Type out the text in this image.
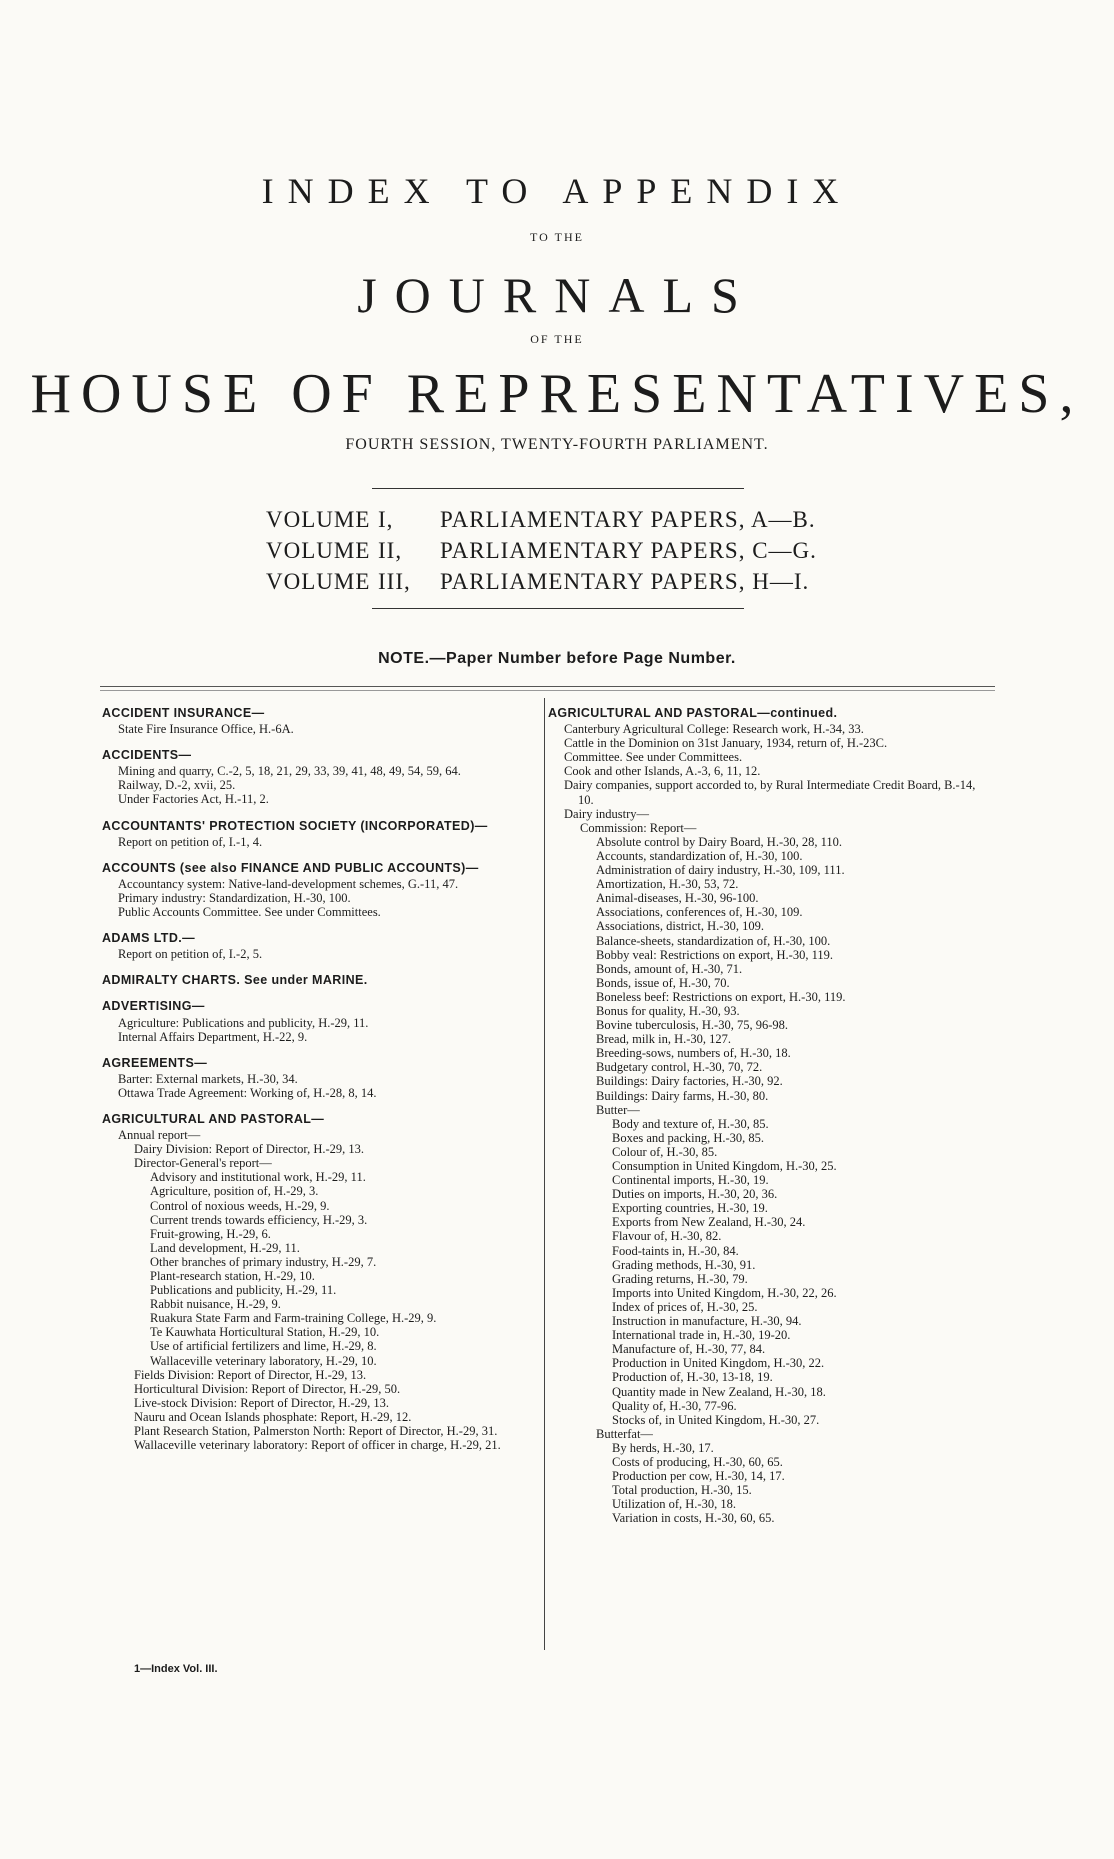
INDEX TO APPENDIX
TO THE
JOURNALS
OF THE
HOUSE OF REPRESENTATIVES,
FOURTH SESSION, TWENTY-FOURTH PARLIAMENT.
VOLUME I, PARLIAMENTARY PAPERS, A—B.
VOLUME II, PARLIAMENTARY PAPERS, C—G.
VOLUME III, PARLIAMENTARY PAPERS, H—I.
NOTE.—Paper Number before Page Number.
ACCIDENT INSURANCE—
State Fire Insurance Office, H.-6A.
ACCIDENTS—
Mining and quarry, C.-2, 5, 18, 21, 29, 33, 39, 41, 48, 49, 54, 59, 64.
Railway, D.-2, xvii, 25.
Under Factories Act, H.-11, 2.
ACCOUNTANTS' PROTECTION SOCIETY (INCORPORATED)—
Report on petition of, I.-1, 4.
ACCOUNTS (see also FINANCE AND PUBLIC ACCOUNTS)—
Accountancy system: Native-land-development schemes, G.-11, 47.
Primary industry: Standardization, H.-30, 100.
Public Accounts Committee. See under Committees.
ADAMS LTD.—
Report on petition of, I.-2, 5.
ADMIRALTY CHARTS. See under MARINE.
ADVERTISING—
Agriculture: Publications and publicity, H.-29, 11.
Internal Affairs Department, H.-22, 9.
AGREEMENTS—
Barter: External markets, H.-30, 34.
Ottawa Trade Agreement: Working of, H.-28, 8, 14.
AGRICULTURAL AND PASTORAL—
Annual report—
Dairy Division: Report of Director, H.-29, 13.
Director-General's report—
Advisory and institutional work, H.-29, 11.
Agriculture, position of, H.-29, 3.
Control of noxious weeds, H.-29, 9.
Current trends towards efficiency, H.-29, 3.
Fruit-growing, H.-29, 6.
Land development, H.-29, 11.
Other branches of primary industry, H.-29, 7.
Plant-research station, H.-29, 10.
Publications and publicity, H.-29, 11.
Rabbit nuisance, H.-29, 9.
Ruakura State Farm and Farm-training College, H.-29, 9.
Te Kauwhata Horticultural Station, H.-29, 10.
Use of artificial fertilizers and lime, H.-29, 8.
Wallaceville veterinary laboratory, H.-29, 10.
Fields Division: Report of Director, H.-29, 13.
Horticultural Division: Report of Director, H.-29, 50.
Live-stock Division: Report of Director, H.-29, 13.
Nauru and Ocean Islands phosphate: Report, H.-29, 12.
Plant Research Station, Palmerston North: Report of Director, H.-29, 31.
Wallaceville veterinary laboratory: Report of officer in charge, H.-29, 21.
AGRICULTURAL AND PASTORAL—continued.
Canterbury Agricultural College: Research work, H.-34, 33.
Cattle in the Dominion on 31st January, 1934, return of, H.-23C.
Committee. See under Committees.
Cook and other Islands, A.-3, 6, 11, 12.
Dairy companies, support accorded to, by Rural Intermediate Credit Board, B.-14, 10.
Dairy industry—
Commission: Report—
Absolute control by Dairy Board, H.-30, 28, 110.
Accounts, standardization of, H.-30, 100.
Administration of dairy industry, H.-30, 109, 111.
Amortization, H.-30, 53, 72.
Animal-diseases, H.-30, 96-100.
Associations, conferences of, H.-30, 109.
Associations, district, H.-30, 109.
Balance-sheets, standardization of, H.-30, 100.
Bobby veal: Restrictions on export, H.-30, 119.
Bonds, amount of, H.-30, 71.
Bonds, issue of, H.-30, 70.
Boneless beef: Restrictions on export, H.-30, 119.
Bonus for quality, H.-30, 93.
Bovine tuberculosis, H.-30, 75, 96-98.
Bread, milk in, H.-30, 127.
Breeding-sows, numbers of, H.-30, 18.
Budgetary control, H.-30, 70, 72.
Buildings: Dairy factories, H.-30, 92.
Buildings: Dairy farms, H.-30, 80.
Butter—
Body and texture of, H.-30, 85.
Boxes and packing, H.-30, 85.
Colour of, H.-30, 85.
Consumption in United Kingdom, H.-30, 25.
Continental imports, H.-30, 19.
Duties on imports, H.-30, 20, 36.
Exporting countries, H.-30, 19.
Exports from New Zealand, H.-30, 24.
Flavour of, H.-30, 82.
Food-taints in, H.-30, 84.
Grading methods, H.-30, 91.
Grading returns, H.-30, 79.
Imports into United Kingdom, H.-30, 22, 26.
Index of prices of, H.-30, 25.
Instruction in manufacture, H.-30, 94.
International trade in, H.-30, 19-20.
Manufacture of, H.-30, 77, 84.
Production in United Kingdom, H.-30, 22.
Production of, H.-30, 13-18, 19.
Quantity made in New Zealand, H.-30, 18.
Quality of, H.-30, 77-96.
Stocks of, in United Kingdom, H.-30, 27.
Butterfat—
By herds, H.-30, 17.
Costs of producing, H.-30, 60, 65.
Production per cow, H.-30, 14, 17.
Total production, H.-30, 15.
Utilization of, H.-30, 18.
Variation in costs, H.-30, 60, 65.
1—Index Vol. III.
